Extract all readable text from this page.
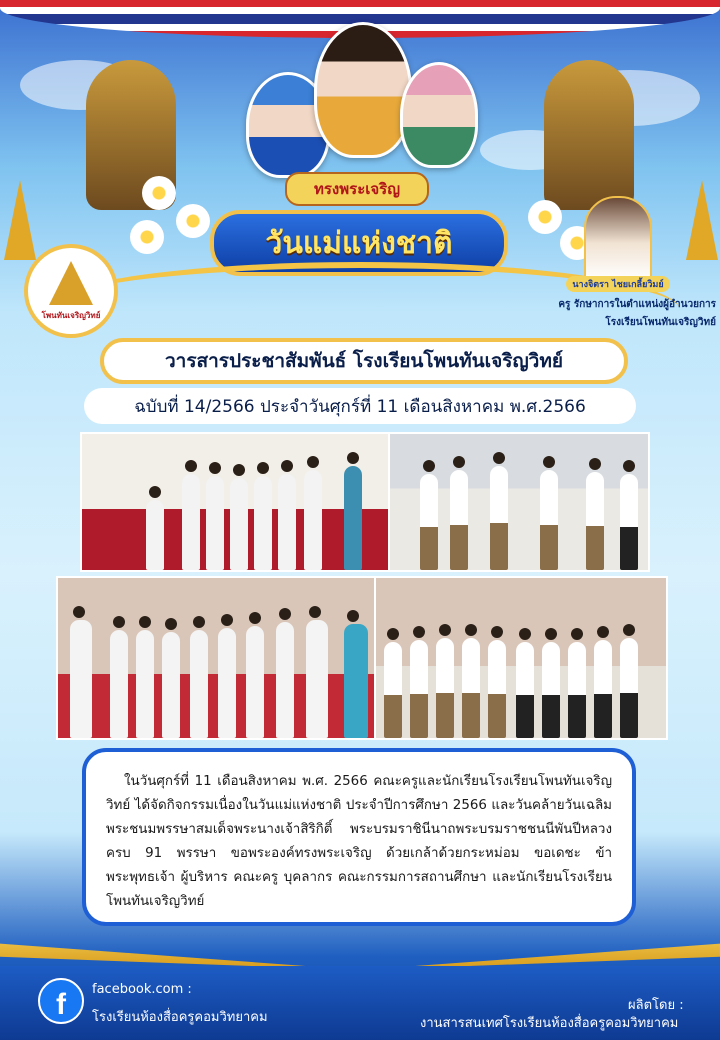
ทรงพระเจริญ
วันแม่แห่งชาติ
โพนทันเจริญวิทย์
นางจิตรา ไชยเกลี้ยวิมย์
ครู รักษาการในตำแหน่งผู้อำนวยการ
โรงเรียนโพนทันเจริญวิทย์
วารสารประชาสัมพันธ์ โรงเรียนโพนทันเจริญวิทย์
ฉบับที่ 14/2566 ประจำวันศุกร์ที่ 11 เดือนสิงหาคม พ.ศ.2566

ในวันศุกร์ที่ 11 เดือนสิงหาคม พ.ศ. 2566 คณะครูและนักเรียนโรงเรียนโพนทันเจริญวิทย์ ได้จัดกิจกรรมเนื่องในวันแม่แห่งชาติ ประจำปีการศึกษา 2566 และวันคล้ายวันเฉลิมพระชนมพรรษาสมเด็จพระนางเจ้าสิริกิติ์ พระบรมราชินีนาถพระบรมราชชนนีพันปีหลวง ครบ 91 พรรษา ขอพระองค์ทรงพระเจริญ ด้วยเกล้าด้วยกระหม่อม ขอเดชะ ข้าพระพุทธเจ้า ผู้บริหาร คณะครู บุคลากร คณะกรรมการสถานศึกษา และนักเรียนโรงเรียนโพนทันเจริญวิทย์

f	facebook.com :
โรงเรียนห้องสื่อครูคอมวิทยาคม
ผลิตโดย :
งานสารสนเทศโรงเรียนห้องสื่อครูคอมวิทยาคม
